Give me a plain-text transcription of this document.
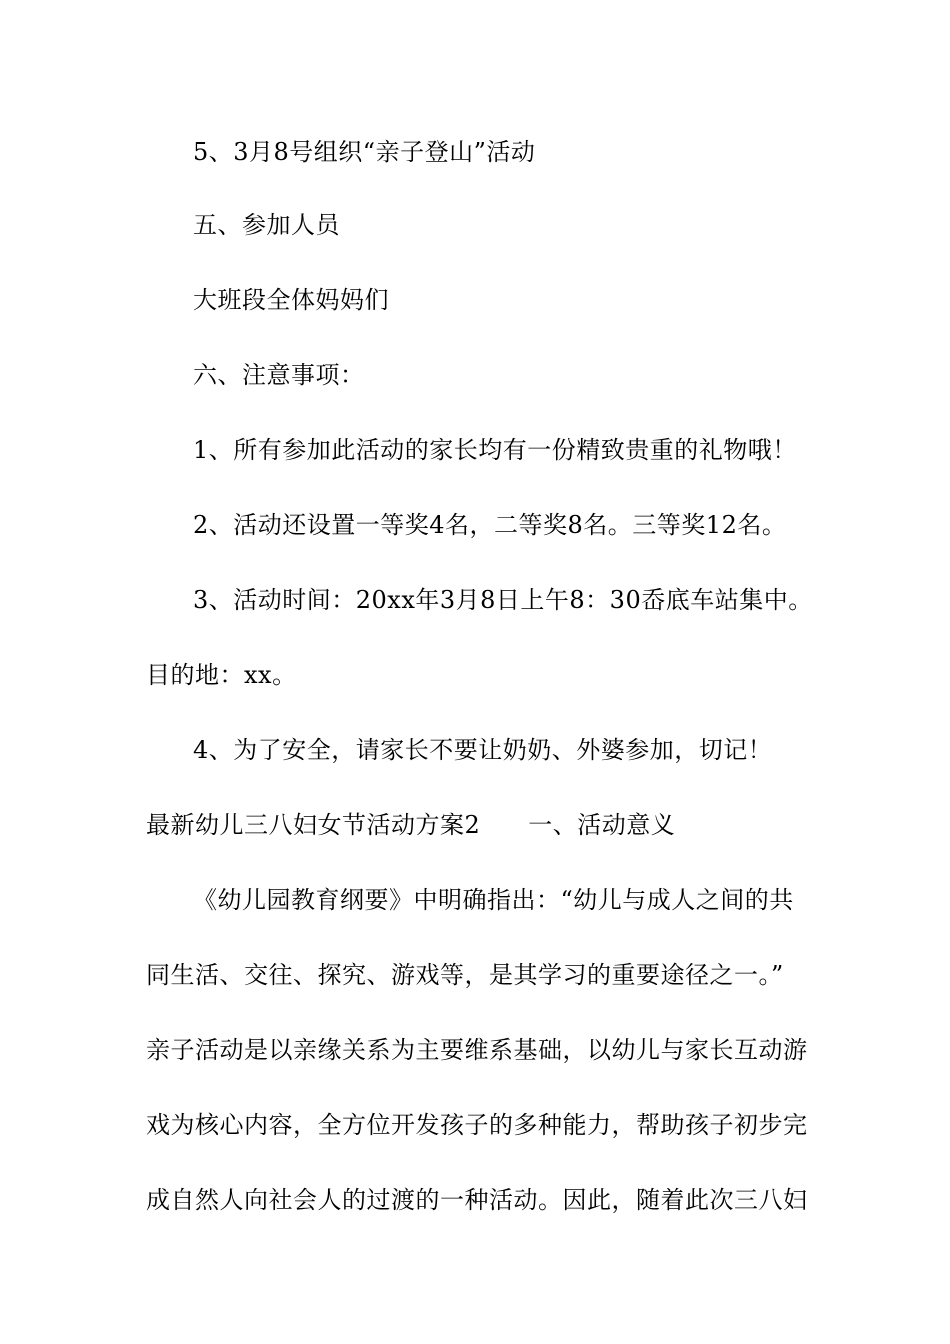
5、3月8号组织“亲子登山”活动
五、参加人员
大班段全体妈妈们
六、注意事项：
1、所有参加此活动的家长均有一份精致贵重的礼物哦！
2、活动还设置一等奖4名，二等奖8名。三等奖12名。
3、活动时间：20xx年3月8日上午8：30岙底车站集中。
目的地：xx。
4、为了安全，请家长不要让奶奶、外婆参加，切记！
最新幼儿三八妇女节活动方案2 一、活动意义
《幼儿园教育纲要》中明确指出：“幼儿与成人之间的共
同生活、交往、探究、游戏等，是其学习的重要途径之一。”
亲子活动是以亲缘关系为主要维系基础，以幼儿与家长互动游
戏为核心内容，全方位开发孩子的多种能力，帮助孩子初步完
成自然人向社会人的过渡的一种活动。因此，随着此次三八妇
